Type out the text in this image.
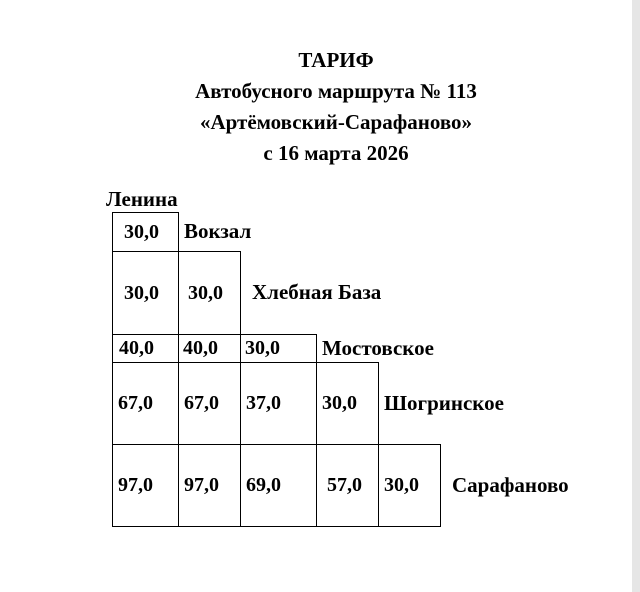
ТАРИФ
Автобусного маршрута № 113
«Артёмовский-Сарафаново»
с 16 марта 2026
Ленина
30,0	Вокзал
30,0	30,0	Хлебная База
40,0	40,0	30,0	Мостовское
67,0	67,0	37,0	30,0	Шогринское
97,0	97,0	69,0	57,0	30,0	Сарафаново
